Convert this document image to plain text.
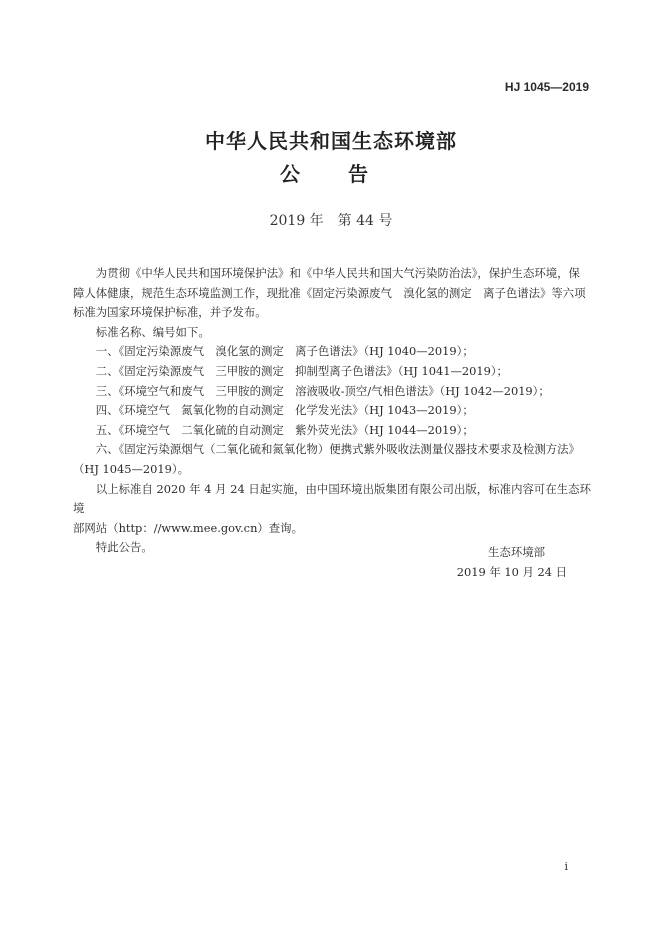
HJ 1045—2019
中华人民共和国生态环境部
公　告
2019 年　第 44 号

为贯彻《中华人民共和国环境保护法》和《中华人民共和国大气污染防治法》，保护生态环境，保
障人体健康，规范生态环境监测工作，现批准《固定污染源废气　溴化氢的测定　离子色谱法》等六项
标准为国家环境保护标准，并予发布。

标准名称、编号如下。

一、《固定污染源废气　溴化氢的测定　离子色谱法》（HJ 1040—2019）；

二、《固定污染源废气　三甲胺的测定　抑制型离子色谱法》（HJ 1041—2019）；

三、《环境空气和废气　三甲胺的测定　溶液吸收-顶空/气相色谱法》（HJ 1042—2019）；

四、《环境空气　氮氧化物的自动测定　化学发光法》（HJ 1043—2019）；

五、《环境空气　二氧化硫的自动测定　紫外荧光法》（HJ 1044—2019）；

六、《固定污染源烟气（二氧化硫和氮氧化物）便携式紫外吸收法测量仪器技术要求及检测方法》
（HJ 1045—2019）。

以上标准自 2020 年 4 月 24 日起实施，由中国环境出版集团有限公司出版，标准内容可在生态环境
部网站（http：//www.mee.gov.cn）查询。

特此公告。	生态环境部
2019 年 10 月 24 日
i
